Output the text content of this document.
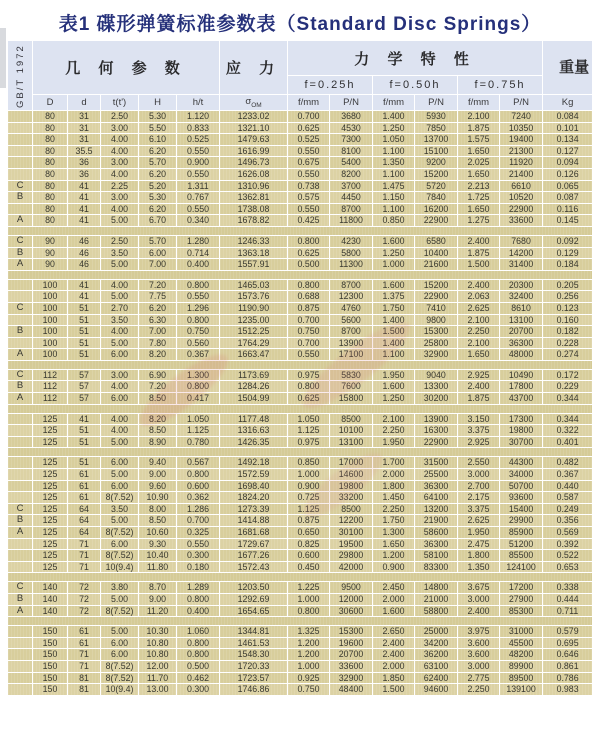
表1 碟形弹簧标准参数表（Standard Disc Springs）
GB/T 1972	几 何 参 数					应 力	力 学 特 性						重量

							f=0.25h		f=0.50h		f=0.75h		
	D	d	t(t')	H	h/t	$\sigma_{OM}$	f/mm	P/N	f/mm	P/N	f/mm	P/N	Kg
	80	31	2.50	5.30	1.120	1233.02	0.700	3680	1.400	5930	2.100	7240	0.084
	80	31	3.00	5.50	0.833	1321.10	0.625	4530	1.250	7850	1.875	10350	0.101
	80	31	4.00	6.10	0.525	1479.63	0.525	7300	1.050	13700	1.575	19400	0.134
	80	35.5	4.00	6.20	0.550	1616.99	0.550	8100	1.100	15100	1.650	21300	0.127
	80	36	3.00	5.70	0.900	1496.73	0.675	5400	1.350	9200	2.025	11920	0.094
	80	36	4.00	6.20	0.550	1626.08	0.550	8200	1.100	15200	1.650	21400	0.126
C	80	41	2.25	5.20	1.311	1310.96	0.738	3700	1.475	5720	2.213	6610	0.065
B	80	41	3.00	5.30	0.767	1362.81	0.575	4450	1.150	7840	1.725	10520	0.087
	80	41	4.00	6.20	0.550	1738.08	0.550	8700	1.100	16200	1.650	22900	0.116
A	80	41	5.00	6.70	0.340	1678.82	0.425	11800	0.850	22900	1.275	33600	0.145

C	90	46	2.50	5.70	1.280	1246.33	0.800	4230	1.600	6580	2.400	7680	0.092
B	90	46	3.50	6.00	0.714	1363.18	0.625	5800	1.250	10400	1.875	14200	0.129
A	90	46	5.00	7.00	0.400	1557.91	0.500	11300	1.000	21600	1.500	31400	0.184

	100	41	4.00	7.20	0.800	1465.03	0.800	8700	1.600	15200	2.400	20300	0.205
	100	41	5.00	7.75	0.550	1573.76	0.688	12300	1.375	22900	2.063	32400	0.256
C	100	51	2.70	6.20	1.296	1190.90	0.875	4760	1.750	7410	2.625	8610	0.123
	100	51	3.50	6.30	0.800	1235.00	0.700	5600	1.400	9800	2.100	13100	0.160
B	100	51	4.00	7.00	0.750	1512.25	0.750	8700	1.500	15300	2.250	20700	0.182
	100	51	5.00	7.80	0.560	1764.29	0.700	13900	1.400	25800	2.100	36300	0.228
A	100	51	6.00	8.20	0.367	1663.47	0.550	17100	1.100	32900	1.650	48000	0.274

C	112	57	3.00	6.90	1.300	1173.69	0.975	5830	1.950	9040	2.925	10490	0.172
B	112	57	4.00	7.20	0.800	1284.26	0.800	7600	1.600	13300	2.400	17800	0.229
A	112	57	6.00	8.50	0.417	1504.99	0.625	15800	1.250	30200	1.875	43700	0.344

	125	41	4.00	8.20	1.050	1177.48	1.050	8500	2.100	13900	3.150	17300	0.344
	125	51	4.00	8.50	1.125	1316.63	1.125	10100	2.250	16300	3.375	19800	0.322
	125	51	5.00	8.90	0.780	1426.35	0.975	13100	1.950	22900	2.925	30700	0.401

	125	51	6.00	9.40	0.567	1492.18	0.850	17000	1.700	31500	2.550	44300	0.482
	125	61	5.00	9.00	0.800	1572.59	1.000	14600	2.000	25500	3.000	34000	0.367
	125	61	6.00	9.60	0.600	1698.40	0.900	19800	1.800	36300	2.700	50700	0.440
	125	61	8(7.52)	10.90	0.362	1824.20	0.725	33200	1.450	64100	2.175	93600	0.587
C	125	64	3.50	8.00	1.286	1273.39	1.125	8500	2.250	13200	3.375	15400	0.249
B	125	64	5.00	8.50	0.700	1414.88	0.875	12200	1.750	21900	2.625	29900	0.356
A	125	64	8(7.52)	10.60	0.325	1681.68	0.650	30100	1.300	58600	1.950	85900	0.569
	125	71	6.00	9.30	0.550	1729.67	0.825	19500	1.650	36300	2.475	51200	0.392
	125	71	8(7.52)	10.40	0.300	1677.26	0.600	29800	1.200	58100	1.800	85500	0.522
	125	71	10(9.4)	11.80	0.180	1572.43	0.450	42000	0.900	83300	1.350	124100	0.653

C	140	72	3.80	8.70	1.289	1203.50	1.225	9500	2.450	14800	3.675	17200	0.338
B	140	72	5.00	9.00	0.800	1292.69	1.000	12000	2.000	21000	3.000	27900	0.444
A	140	72	8(7.52)	11.20	0.400	1654.65	0.800	30600	1.600	58800	2.400	85300	0.711

	150	61	5.00	10.30	1.060	1344.81	1.325	15300	2.650	25000	3.975	31000	0.579
	150	61	6.00	10.80	0.800	1461.53	1.200	19600	2.400	34200	3.600	45500	0.695
	150	71	6.00	10.80	0.800	1548.30	1.200	20700	2.400	36200	3.600	48200	0.646
	150	71	8(7.52)	12.00	0.500	1720.33	1.000	33600	2.000	63100	3.000	89900	0.861
	150	81	8(7.52)	11.70	0.462	1723.57	0.925	32900	1.850	62400	2.775	89500	0.786
	150	81	10(9.4)	13.00	0.300	1746.86	0.750	48400	1.500	94600	2.250	139100	0.983
